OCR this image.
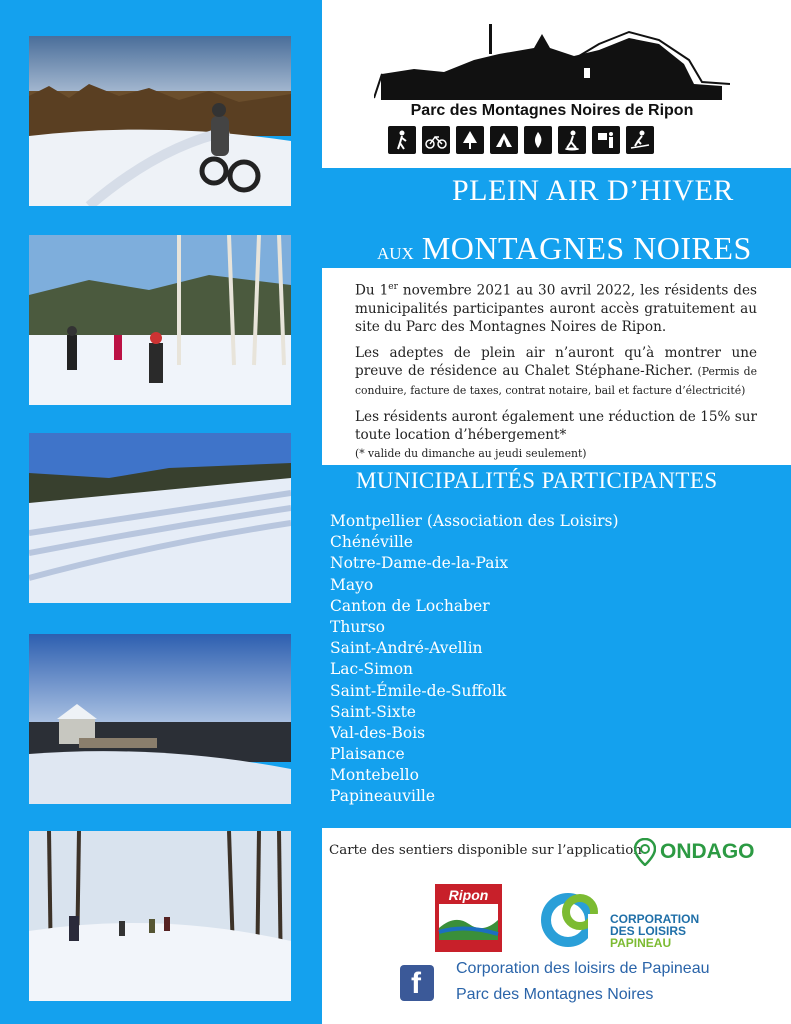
Parc des Montagnes Noires de Ripon
PLEIN AIR D’HIVER
AUX MONTAGNES NOIRES
Du 1er novembre 2021 au 30 avril 2022, les résidents des municipalités participantes auront accès gratuitement au site du Parc des Montagnes Noires de Ripon.
Les adeptes de plein air n’auront qu’à montrer une preuve de résidence au Chalet Stéphane-Richer. (Permis de conduire, facture de taxes, contrat notaire, bail et facture d’électricité)
Les résidents auront également une réduction de 15% sur toute location d’hébergement*
(* valide du dimanche au jeudi seulement)
MUNICIPALITÉS PARTICIPANTES
Montpellier (Association des Loisirs)
Chénéville
Notre-Dame-de-la-Paix
Mayo
Canton de Lochaber
Thurso
Saint-André-Avellin
Lac-Simon
Saint-Émile-de-Suffolk
Saint-Sixte
Val-des-Bois
Plaisance
Montebello
Papineauville
Carte des sentiers disponible sur l’application ONDAGO
Ripon
CORPORATION
DES LOISIRS
PAPINEAU
f Corporation des loisirs de Papineau
Parc des Montagnes Noires
